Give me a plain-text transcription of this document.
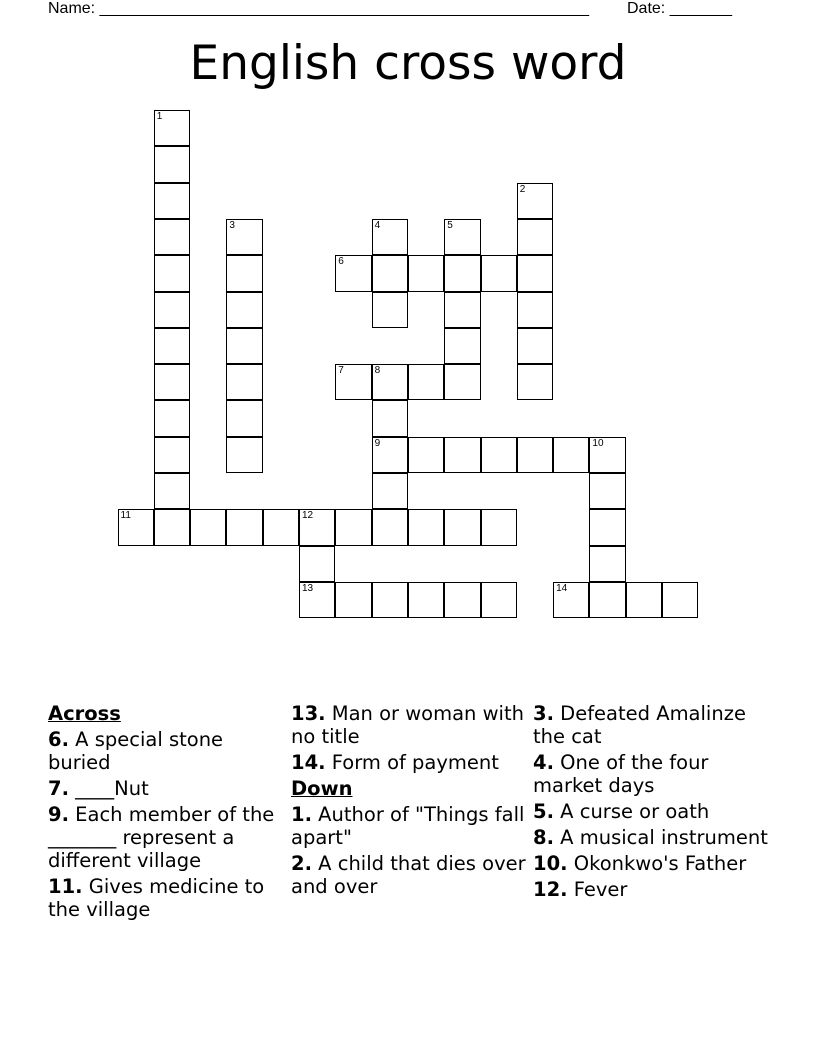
Name: _______________________________________________________ Date: _______
English cross word
1
2
3	4	5
6
7	8
9	10
11	12
13	14
Across
6. A special stone buried
7. ____Nut
9. Each member of the _______ represent a different village
11. Gives medicine to the village
13. Man or woman with no title
14. Form of payment
Down
1. Author of "Things fall apart"
2. A child that dies over and over
3. Defeated Amalinze the cat
4. One of the four market days
5. A curse or oath
8. A musical instrument
10. Okonkwo's Father
12. Fever
